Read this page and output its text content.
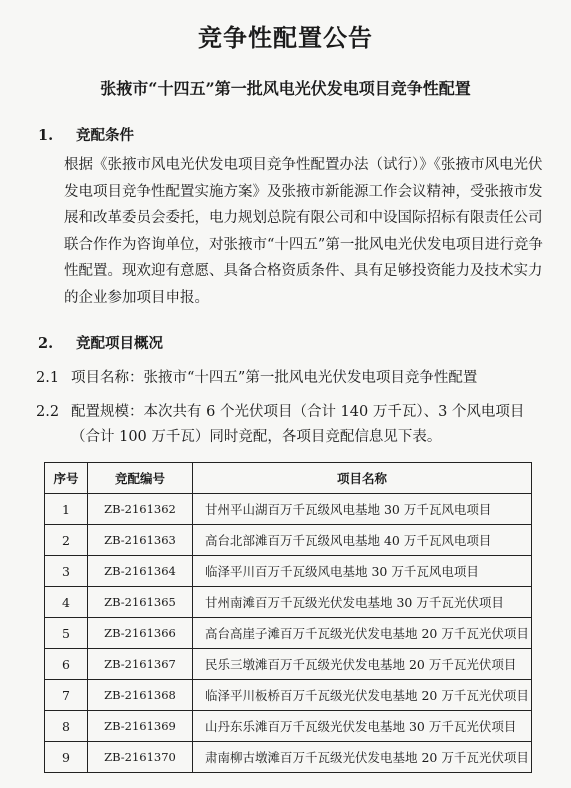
竞争性配置公告
张掖市“十四五”第一批风电光伏发电项目竞争性配置
1. 竞配条件
根据《张掖市风电光伏发电项目竞争性配置办法（试行）》《张掖市风电光伏发电项目竞争性配置实施方案》及张掖市新能源工作会议精神，受张掖市发展和改革委员会委托，电力规划总院有限公司和中设国际招标有限责任公司联合作作为咨询单位，对张掖市“十四五”第一批风电光伏发电项目进行竞争性配置。现欢迎有意愿、具备合格资质条件、具有足够投资能力及技术实力的企业参加项目申报。
2. 竞配项目概况
2.1 项目名称：张掖市“十四五”第一批风电光伏发电项目竞争性配置
2.2 配置规模：本次共有 6 个光伏项目（合计 140 万千瓦）、3 个风电项目（合计 100 万千瓦）同时竞配，各项目竞配信息见下表。
序号	竞配编号	项目名称
1	ZB-2161362	甘州平山湖百万千瓦级风电基地 30 万千瓦风电项目
2	ZB-2161363	高台北部滩百万千瓦级风电基地 40 万千瓦风电项目
3	ZB-2161364	临泽平川百万千瓦级风电基地 30 万千瓦风电项目
4	ZB-2161365	甘州南滩百万千瓦级光伏发电基地 30 万千瓦光伏项目
5	ZB-2161366	高台高崖子滩百万千瓦级光伏发电基地 20 万千瓦光伏项目
6	ZB-2161367	民乐三墩滩百万千瓦级光伏发电基地 20 万千瓦光伏项目
7	ZB-2161368	临泽平川板桥百万千瓦级光伏发电基地 20 万千瓦光伏项目
8	ZB-2161369	山丹东乐滩百万千瓦级光伏发电基地 30 万千瓦光伏项目
9	ZB-2161370	肃南柳古墩滩百万千瓦级光伏发电基地 20 万千瓦光伏项目
